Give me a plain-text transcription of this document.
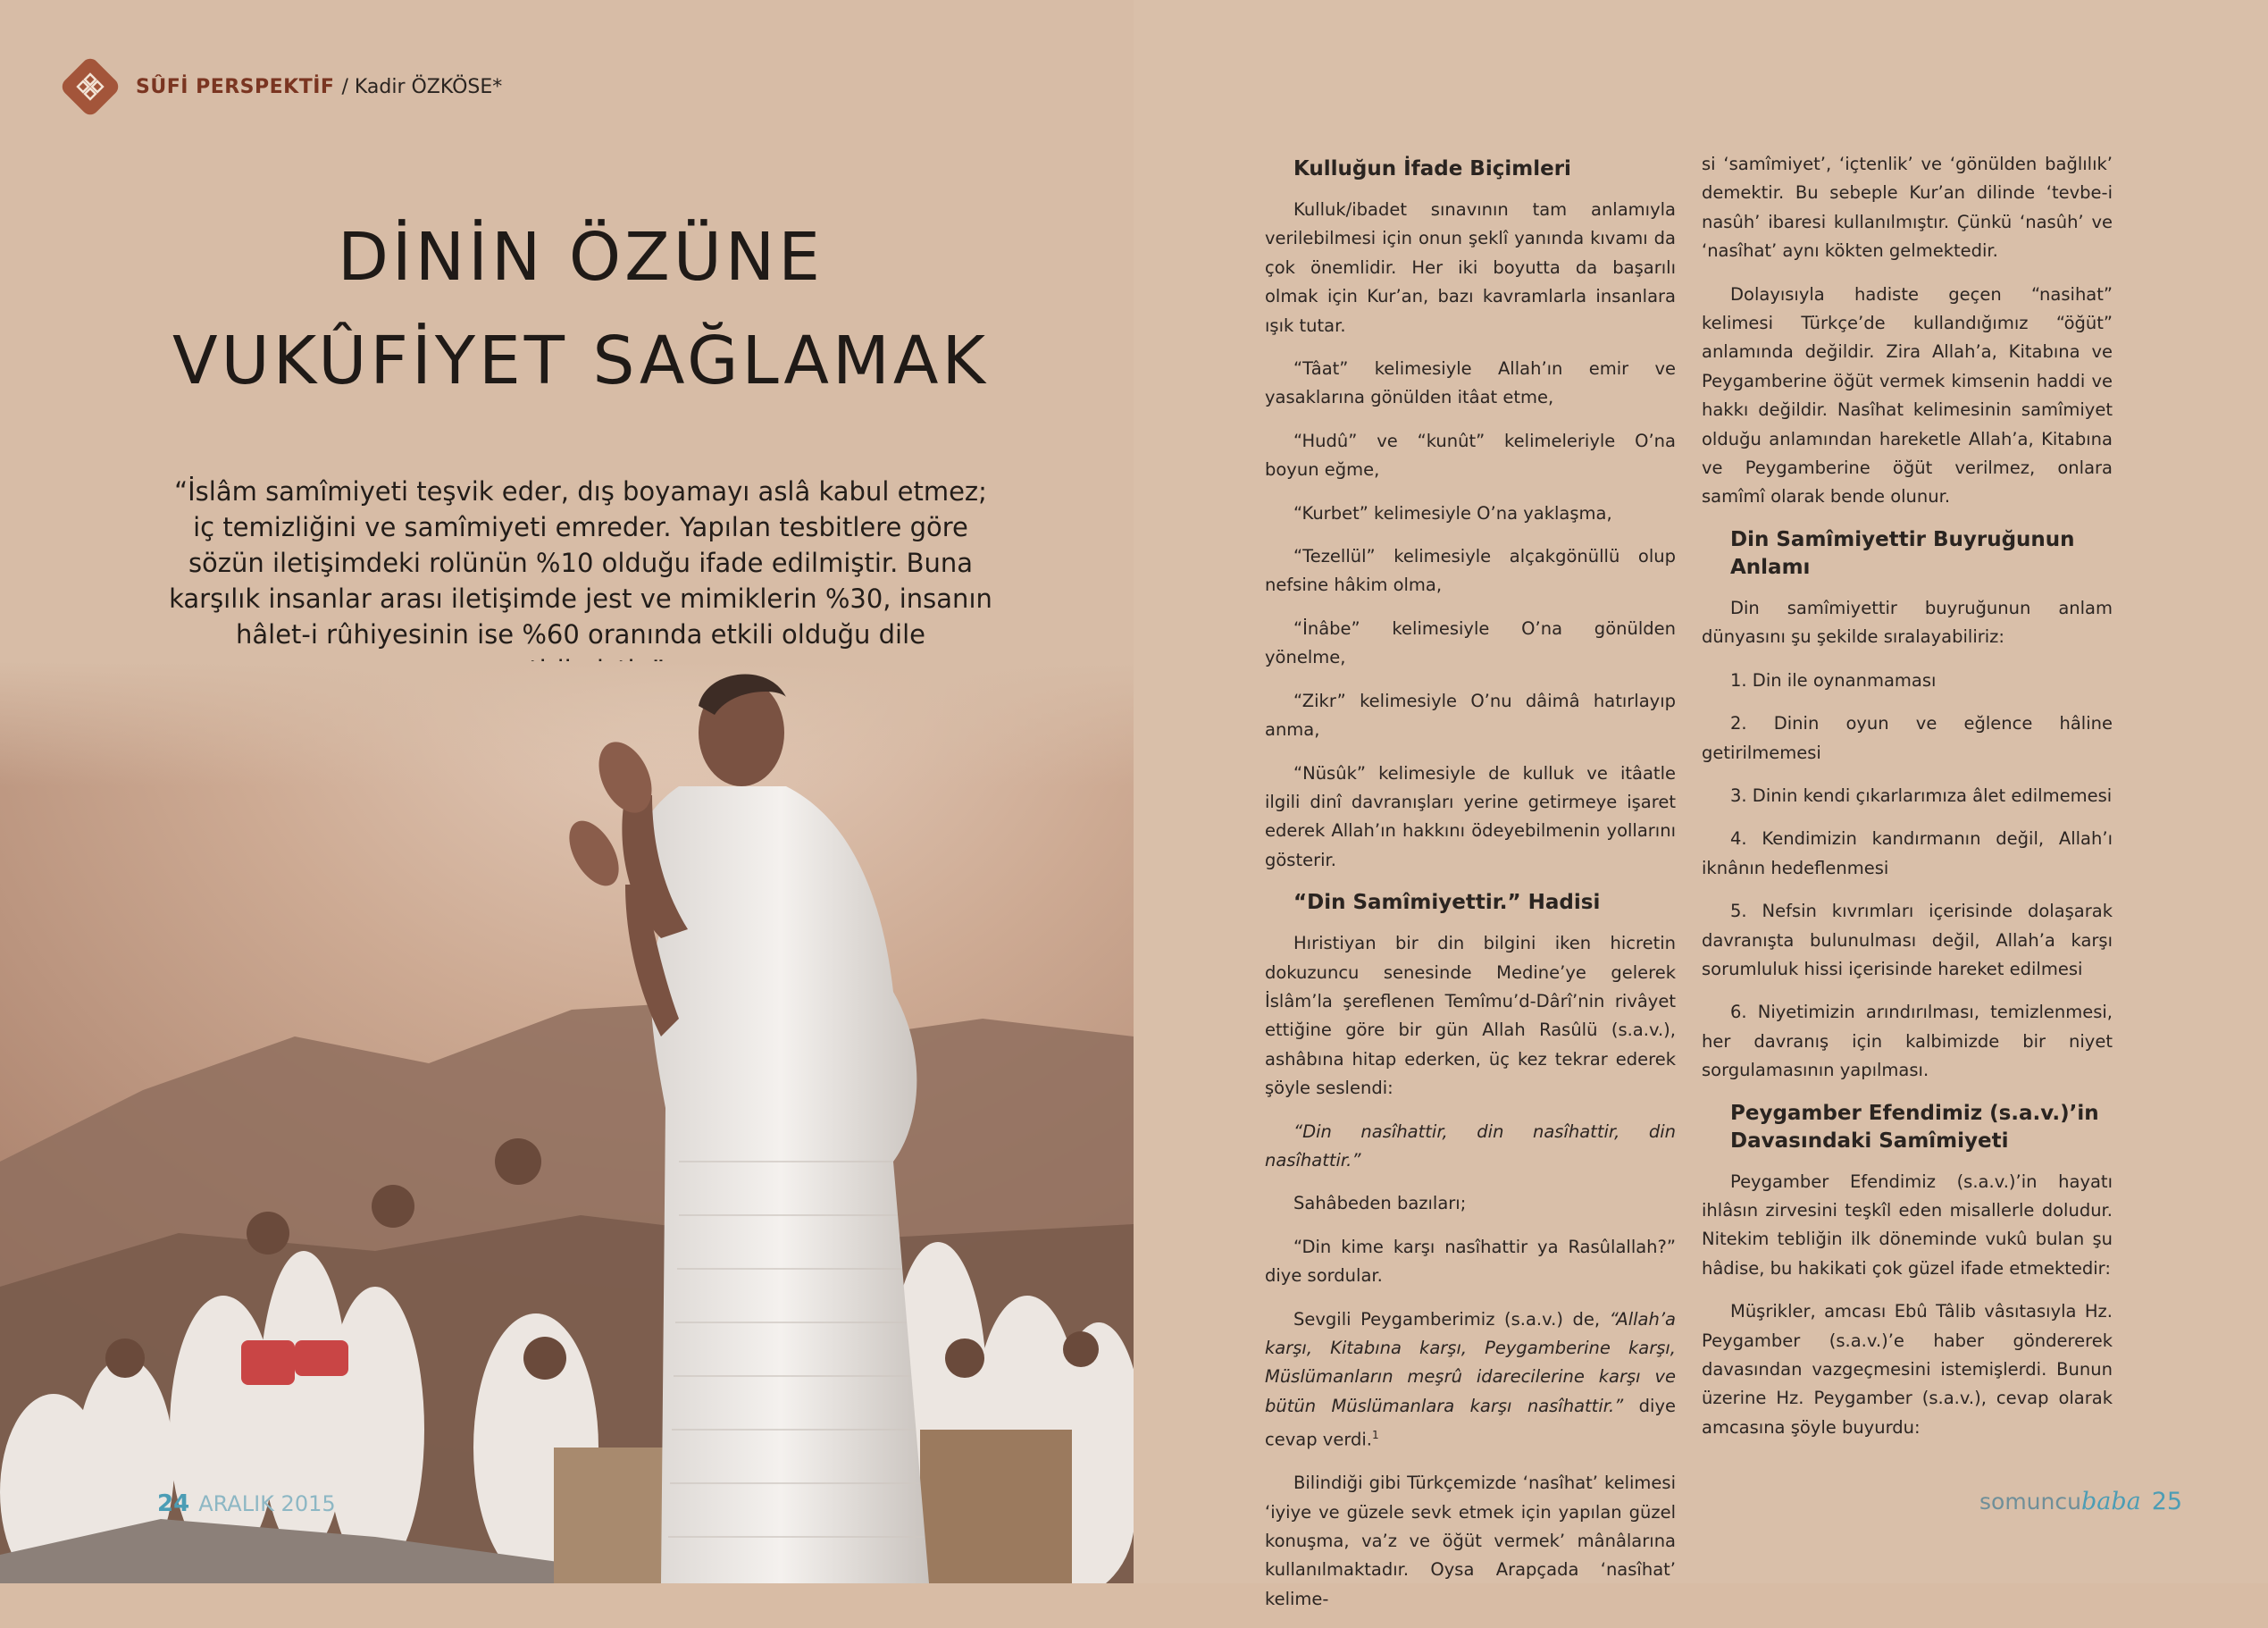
SÛFİ PERSPEKTİF / Kadir ÖZKÖSE*
DİNİN ÖZÜNE
VUKÛFİYET SAĞLAMAK
“İslâm samîmiyeti teşvik eder, dış boyamayı aslâ kabul etmez; iç temizliğini ve samîmiyeti emreder. Yapılan tesbitlere göre sözün iletişimdeki rolünün %10 olduğu ifade edilmiştir. Buna karşılık insanlar arası iletişimde jest ve mimiklerin %30, insanın hâlet-i rûhiyesinin ise %60 oranında etkili olduğu dile
24 ARALIK 2015
Kulluğun İfade Biçimleri

Kulluk/ibadet sınavının tam anlamıyla verilebilmesi için onun şeklî yanında kıvamı da çok önemlidir. Her iki boyutta da başarılı olmak için Kur’an, bazı kavramlarla insanlara ışık tutar.

“Tâat” kelimesiyle Allah’ın emir ve yasaklarına gönülden itâat etme,

“Hudû” ve “kunût” kelimeleriyle O’na boyun eğme,

“Kurbet” kelimesiyle O’na yaklaşma,

“Tezellül” kelimesiyle alçakgönüllü olup nefsine hâkim olma,

“İnâbe” kelimesiyle O’na gönülden yönelme,

“Zikr” kelimesiyle O’nu dâimâ hatırlayıp anma,

“Nüsûk” kelimesiyle de kulluk ve itâatle ilgili dinî davranışları yerine getirmeye işaret ederek Allah’ın hakkını ödeyebilmenin yollarını gösterir.

“Din Samîmiyettir.” Hadisi

Hıristiyan bir din bilgini iken hicretin dokuzuncu senesinde Medine’ye gelerek İslâm’la şereflenen Temîmu’d-Dârî’nin rivâyet ettiğine göre bir gün Allah Rasûlü (s.a.v.), ashâbına hitap ederken, üç kez tekrar ederek şöyle seslendi:

“Din nasîhattir, din nasîhattir, din nasîhattir.”

Sahâbeden bazıları;

“Din kime karşı nasîhattir ya Rasûlallah?” diye sordular.

Sevgili Peygamberimiz (s.a.v.) de, “Allah’a karşı, Kitabına karşı, Peygamberine karşı, Müslümanların meşrû idarecilerine karşı ve bütün Müslümanlara karşı nasîhattir.” diye cevap verdi.$^1$

Bilindiği gibi Türkçemizde ‘nasîhat’ kelimesi ‘iyiye ve güzele sevk etmek için yapılan güzel konuşma, va’z ve öğüt vermek’ mânâlarına kullanılmaktadır. Oysa Arapçada ‘nasîhat’ kelime-

si ‘samîmiyet’, ‘içtenlik’ ve ‘gönülden bağlılık’ demektir. Bu sebeple Kur’an dilinde ‘tevbe-i nasûh’ ibaresi kullanılmıştır. Çünkü ‘nasûh’ ve ‘nasîhat’ aynı kökten gelmektedir.

Dolayısıyla hadiste geçen “nasihat” kelimesi Türkçe’de kullandığımız “öğüt” anlamında değildir. Zira Allah’a, Kitabına ve Peygamberine öğüt vermek kimsenin haddi ve hakkı değildir. Nasîhat kelimesinin samîmiyet olduğu anlamından hareketle Allah’a, Kitabına ve Peygamberine öğüt verilmez, onlara samîmî olarak bende olunur.

Din Samîmiyettir Buyruğunun Anlamı

Din samîmiyettir buyruğunun anlam dünyasını şu şekilde sıralayabiliriz:

1. Din ile oynanmaması

2. Dinin oyun ve eğlence hâline getirilmemesi

3. Dinin kendi çıkarlarımıza âlet edilmemesi

4. Kendimizin kandırmanın değil, Allah’ı iknânın hedeflenmesi

5. Nefsin kıvrımları içerisinde dolaşarak davranışta bulunulması değil, Allah’a karşı sorumluluk hissi içerisinde hareket edilmesi

6. Niyetimizin arındırılması, temizlenmesi, her davranış için kalbimizde bir niyet sorgulamasının yapılması.

Peygamber Efendimiz (s.a.v.)’in Davasındaki Samîmiyeti

Peygamber Efendimiz (s.a.v.)’in hayatı ihlâsın zirvesini teşkîl eden misallerle doludur. Nitekim tebliğin ilk döneminde vukû bulan şu hâdise, bu hakikati çok güzel ifade etmektedir:

Müşrikler, amcası Ebû Tâlib vâsıtasıyla Hz. Peygamber (s.a.v.)’e haber göndererek davasından vazgeçmesini istemişlerdi. Bunun üzerine Hz. Peygamber (s.a.v.), cevap olarak amcasına şöyle buyurdu:

somuncu baba 25
